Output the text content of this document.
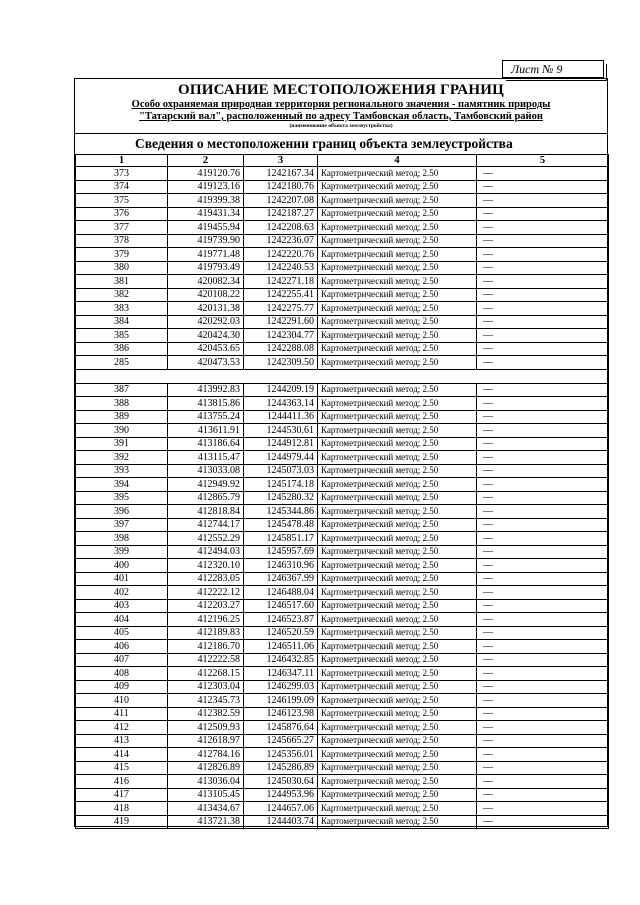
Лист № 9
ОПИСАНИЕ МЕСТОПОЛОЖЕНИЯ ГРАНИЦ
Особо охраняемая природная территория регионального значения - памятник природы
"Татарский вал", расположенный по адресу Тамбовская область, Тамбовский район
(наименование объекта землеустройства)
Сведения о местоположении границ объекта землеустройства
1	2	3	4	5
373	419120.76	1242167.34	Картометрический метод; 2.50	—
374	419123.16	1242180.76	Картометрический метод; 2.50	—
375	419399.38	1242207.08	Картометрический метод; 2.50	—
376	419431.34	1242187.27	Картометрический метод; 2.50	—
377	419455.94	1242208.63	Картометрический метод; 2.50	—
378	419739.90	1242236.07	Картометрический метод; 2.50	—
379	419771.48	1242220.76	Картометрический метод; 2.50	—
380	419793.49	1242240.53	Картометрический метод; 2.50	—
381	420082.34	1242271.18	Картометрический метод; 2.50	—
382	420108.22	1242255.41	Картометрический метод; 2.50	—
383	420131.38	1242275.77	Картометрический метод; 2.50	—
384	420292.03	1242291.60	Картометрический метод; 2.50	—
385	420424.30	1242304.77	Картометрический метод; 2.50	—
386	420453.65	1242288.08	Картометрический метод; 2.50	—
285	420473.53	1242309.50	Картометрический метод; 2.50	—

387	413992.83	1244209.19	Картометрический метод; 2.50	—
388	413815.86	1244363.14	Картометрический метод; 2.50	—
389	413755.24	1244411.36	Картометрический метод; 2.50	—
390	413611.91	1244530.61	Картометрический метод; 2.50	—
391	413186.64	1244912.81	Картометрический метод; 2.50	—
392	413115.47	1244979.44	Картометрический метод; 2.50	—
393	413033.08	1245073.03	Картометрический метод; 2.50	—
394	412949.92	1245174.18	Картометрический метод; 2.50	—
395	412865.79	1245280.32	Картометрический метод; 2.50	—
396	412818.84	1245344.86	Картометрический метод; 2.50	—
397	412744.17	1245478.48	Картометрический метод; 2.50	—
398	412552.29	1245851.17	Картометрический метод; 2.50	—
399	412494.03	1245957.69	Картометрический метод; 2.50	—
400	412320.10	1246310.96	Картометрический метод; 2.50	—
401	412283.05	1246367.99	Картометрический метод; 2.50	—
402	412222.12	1246488.04	Картометрический метод; 2.50	—
403	412203.27	1246517.60	Картометрический метод; 2.50	—
404	412196.25	1246523.87	Картометрический метод; 2.50	—
405	412189.83	1246520.59	Картометрический метод; 2.50	—
406	412186.70	1246511.06	Картометрический метод; 2.50	—
407	412222.58	1246432.85	Картометрический метод; 2.50	—
408	412268.15	1246347.11	Картометрический метод; 2.50	—
409	412303.04	1246299.03	Картометрический метод; 2.50	—
410	412345.73	1246199.09	Картометрический метод; 2.50	—
411	412382.59	1246123.98	Картометрический метод; 2.50	—
412	412509.93	1245876.64	Картометрический метод; 2.50	—
413	412618.97	1245665.27	Картометрический метод; 2.50	—
414	412784.16	1245356.01	Картометрический метод; 2.50	—
415	412826.89	1245286.89	Картометрический метод; 2.50	—
416	413036.04	1245030.64	Картометрический метод; 2.50	—
417	413105.45	1244953.96	Картометрический метод; 2.50	—
418	413434.67	1244657.06	Картометрический метод; 2.50	—
419	413721.38	1244403.74	Картометрический метод; 2.50	—
